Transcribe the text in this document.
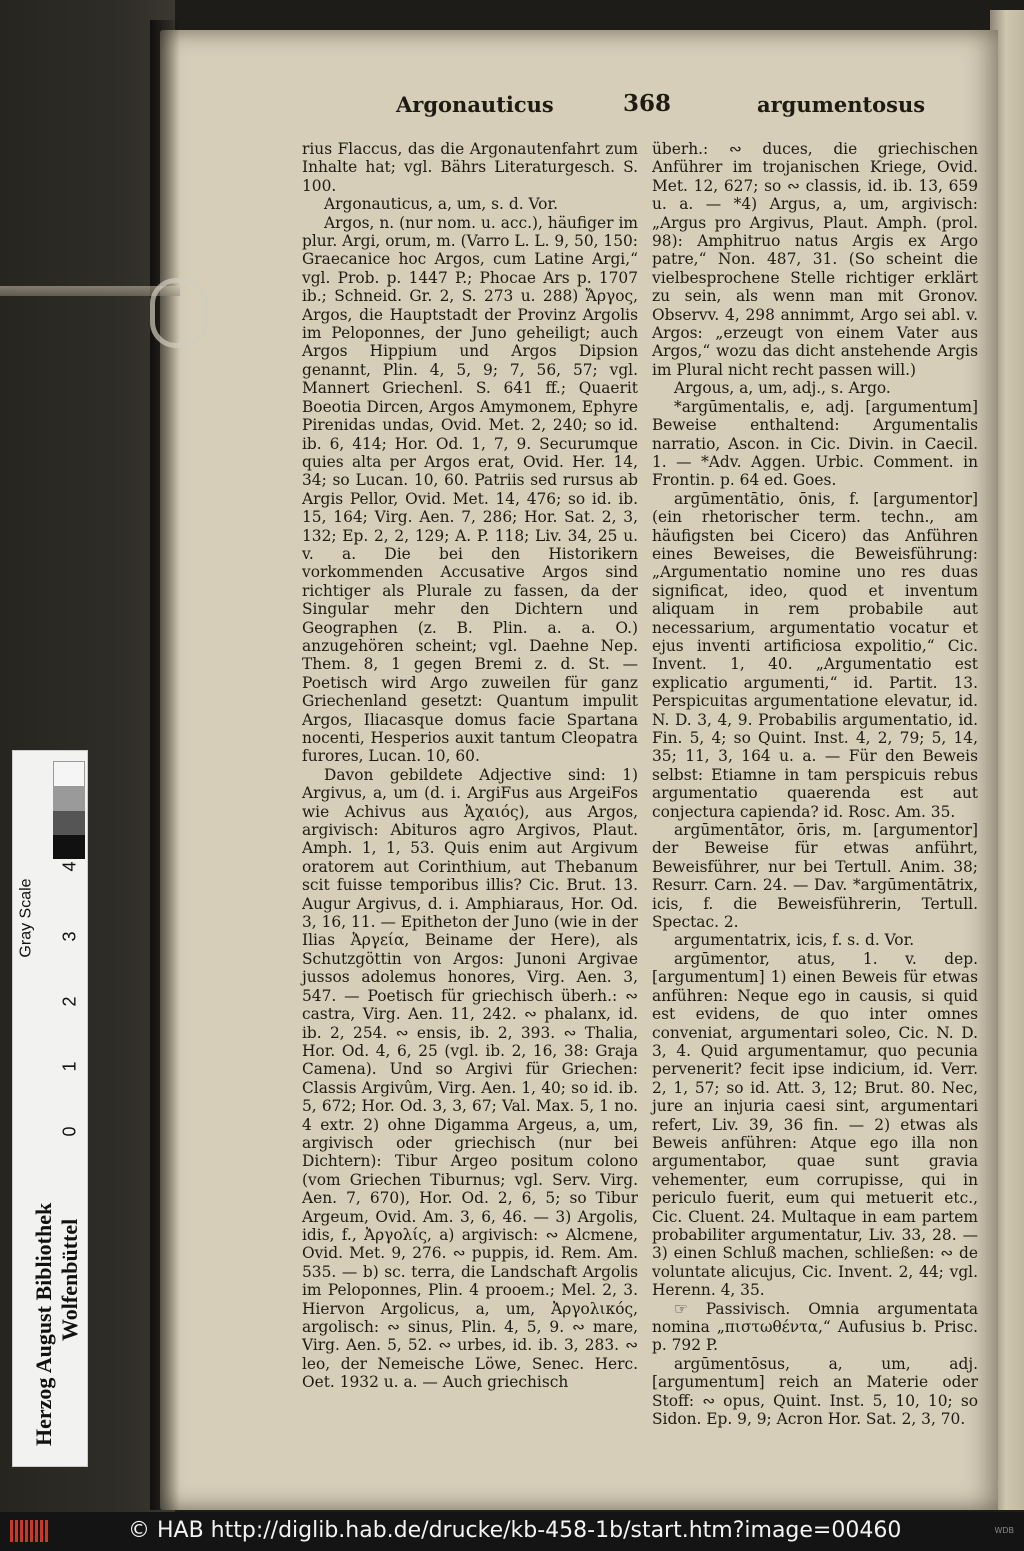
Argonauticus	368	argumentosus

rius Flaccus, das die Argonautenfahrt zum Inhalte hat; vgl. Bährs Literaturgesch. S. 100.

Argonauticus, a, um, s. d. Vor.

Argos, n. (nur nom. u. acc.), häufiger im plur. Argi, orum, m. (Varro L. L. 9, 50, 150: Graecanice hoc Argos, cum Latine Argi,“ vgl. Prob. p. 1447 P.; Phocae Ars p. 1707 ib.; Schneid. Gr. 2, S. 273 u. 288) Ἄργος, Argos, die Hauptstadt der Provinz Argolis im Peloponnes, der Juno geheiligt; auch Argos Hippium und Argos Dipsion genannt, Plin. 4, 5, 9; 7, 56, 57; vgl. Mannert Griechenl. S. 641 ff.; Quaerit Boeotia Dircen, Argos Amymonem, Ephyre Pirenidas undas, Ovid. Met. 2, 240; so id. ib. 6, 414; Hor. Od. 1, 7, 9. Securumque quies alta per Argos erat, Ovid. Her. 14, 34; so Lucan. 10, 60. Patriis sed rursus ab Argis Pellor, Ovid. Met. 14, 476; so id. ib. 15, 164; Virg. Aen. 7, 286; Hor. Sat. 2, 3, 132; Ep. 2, 2, 129; A. P. 118; Liv. 34, 25 u. v. a. Die bei den Historikern vorkommenden Accusative Argos sind richtiger als Plurale zu fassen, da der Singular mehr den Dichtern und Geographen (z. B. Plin. a. a. O.) anzugehören scheint; vgl. Daehne Nep. Them. 8, 1 gegen Bremi z. d. St. — Poetisch wird Argo zuweilen für ganz Griechenland gesetzt: Quantum impulit Argos, Iliacasque domus facie Spartana nocenti, Hesperios auxit tantum Cleopatra furores, Lucan. 10, 60.

Davon gebildete Adjective sind: 1) Argivus, a, um (d. i. ArgiFus aus ArgeiFos wie Achivus aus Ἀχαιός), aus Argos, argivisch: Abituros agro Argivos, Plaut. Amph. 1, 1, 53. Quis enim aut Argivum oratorem aut Corinthium, aut Thebanum scit fuisse temporibus illis? Cic. Brut. 13. Augur Argivus, d. i. Amphiaraus, Hor. Od. 3, 16, 11. — Epitheton der Juno (wie in der Ilias Ἀργεία, Beiname der Here), als Schutzgöttin von Argos: Junoni Argivae jussos adolemus honores, Virg. Aen. 3, 547. — Poetisch für griechisch überh.: ∾ castra, Virg. Aen. 11, 242. ∾ phalanx, id. ib. 2, 254. ∾ ensis, ib. 2, 393. ∾ Thalia, Hor. Od. 4, 6, 25 (vgl. ib. 2, 16, 38: Graja Camena). Und so Argivi für Griechen: Classis Argivûm, Virg. Aen. 1, 40; so id. ib. 5, 672; Hor. Od. 3, 3, 67; Val. Max. 5, 1 no. 4 extr. 2) ohne Digamma Argeus, a, um, argivisch oder griechisch (nur bei Dichtern): Tibur Argeo positum colono (vom Griechen Tiburnus; vgl. Serv. Virg. Aen. 7, 670), Hor. Od. 2, 6, 5; so Tibur Argeum, Ovid. Am. 3, 6, 46. — 3) Argolis, idis, f., Ἀργολίς, a) argivisch: ∾ Alcmene, Ovid. Met. 9, 276. ∾ puppis, id. Rem. Am. 535. — b) sc. terra, die Landschaft Argolis im Peloponnes, Plin. 4 prooem.; Mel. 2, 3. Hiervon Argolicus, a, um, Ἀργολικός, argolisch: ∾ sinus, Plin. 4, 5, 9. ∾ mare, Virg. Aen. 5, 52. ∾ urbes, id. ib. 3, 283. ∾ leo, der Nemeische Löwe, Senec. Herc. Oet. 1932 u. a. — Auch griechisch

überh.: ∾ duces, die griechischen Anführer im trojanischen Kriege, Ovid. Met. 12, 627; so ∾ classis, id. ib. 13, 659 u. a. — *4) Argus, a, um, argivisch: „Argus pro Argivus, Plaut. Amph. (prol. 98): Amphitruo natus Argis ex Argo patre,“ Non. 487, 31. (So scheint die vielbesprochene Stelle richtiger erklärt zu sein, als wenn man mit Gronov. Observv. 4, 298 annimmt, Argo sei abl. v. Argos: „erzeugt von einem Vater aus Argos,“ wozu das dicht anstehende Argis im Plural nicht recht passen will.)

Argous, a, um, adj., s. Argo.

*argūmentalis, e, adj. [argumentum] Beweise enthaltend: Argumentalis narratio, Ascon. in Cic. Divin. in Caecil. 1. — *Adv. Aggen. Urbic. Comment. in Frontin. p. 64 ed. Goes.

argūmentātio, ōnis, f. [argumentor] (ein rhetorischer term. techn., am häufigsten bei Cicero) das Anführen eines Beweises, die Beweisführung: „Argumentatio nomine uno res duas significat, ideo, quod et inventum aliquam in rem probabile aut necessarium, argumentatio vocatur et ejus inventi artificiosa expolitio,“ Cic. Invent. 1, 40. „Argumentatio est explicatio argumenti,“ id. Partit. 13. Perspicuitas argumentatione elevatur, id. N. D. 3, 4, 9. Probabilis argumentatio, id. Fin. 5, 4; so Quint. Inst. 4, 2, 79; 5, 14, 35; 11, 3, 164 u. a. — Für den Beweis selbst: Etiamne in tam perspicuis rebus argumentatio quaerenda est aut conjectura capienda? id. Rosc. Am. 35.

argūmentātor, ōris, m. [argumentor] der Beweise für etwas anführt, Beweisführer, nur bei Tertull. Anim. 38; Resurr. Carn. 24. — Dav. *argūmentātrix, icis, f. die Beweisführerin, Tertull. Spectac. 2.

argumentatrix, icis, f. s. d. Vor.

argūmentor, atus, 1. v. dep. [argumentum] 1) einen Beweis für etwas anführen: Neque ego in causis, si quid est evidens, de quo inter omnes conveniat, argumentari soleo, Cic. N. D. 3, 4. Quid argumentamur, quo pecunia pervenerit? fecit ipse indicium, id. Verr. 2, 1, 57; so id. Att. 3, 12; Brut. 80. Nec, jure an injuria caesi sint, argumentari refert, Liv. 39, 36 fin. — 2) etwas als Beweis anführen: Atque ego illa non argumentabor, quae sunt gravia vehementer, eum corrupisse, qui in periculo fuerit, eum qui metuerit etc., Cic. Cluent. 24. Multaque in eam partem probabiliter argumentatur, Liv. 33, 28. — 3) einen Schluß machen, schließen: ∾ de voluntate alicujus, Cic. Invent. 2, 44; vgl. Herenn. 4, 35.

☞ Passivisch. Omnia argumentata nomina „πιστωθέντα,“ Aufusius b. Prisc. p. 792 P.

argūmentōsus, a, um, adj. [argumentum] reich an Materie oder Stoff: ∾ opus, Quint. Inst. 5, 10, 10; so Sidon. Ep. 9, 9; Acron Hor. Sat. 2, 3, 70.

Gray Scale
4
3
2
1
0
Herzog August Bibliothek Wolfenbüttel
© HAB http://diglib.hab.de/drucke/kb-458-1b/start.htm?image=00460	WDB
